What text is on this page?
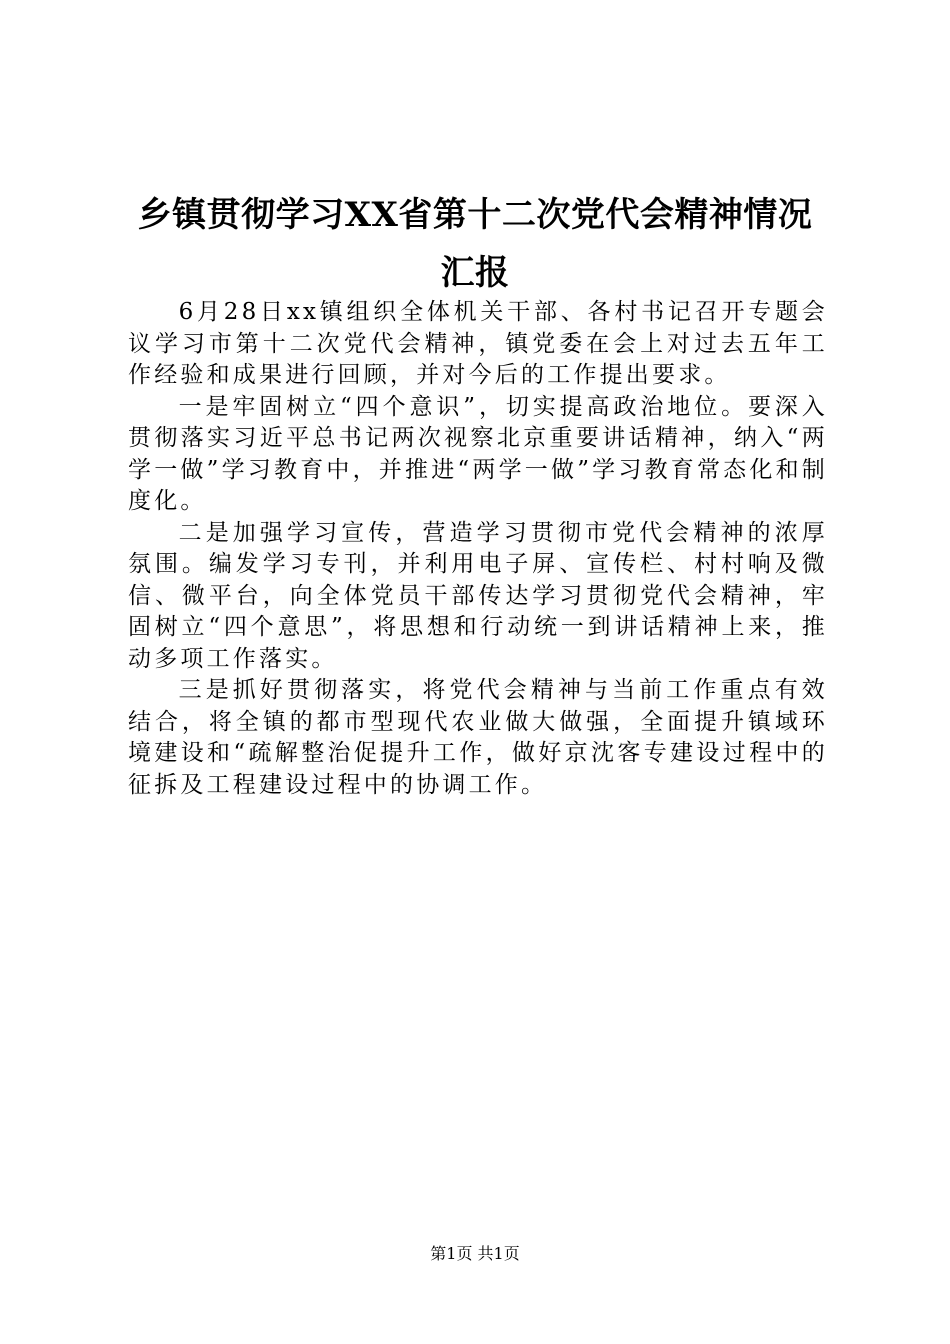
乡镇贯彻学习XX省第十二次党代会精神情况
汇报

6月28日xx镇组织全体机关干部、各村书记召开专题会议学习市第十二次党代会精神，镇党委在会上对过去五年工作经验和成果进行回顾，并对今后的工作提出要求。

一是牢固树立“四个意识”，切实提高政治地位。要深入贯彻落实习近平总书记两次视察北京重要讲话精神，纳入“两学一做”学习教育中，并推进“两学一做”学习教育常态化和制度化。

二是加强学习宣传，营造学习贯彻市党代会精神的浓厚氛围。编发学习专刊，并利用电子屏、宣传栏、村村响及微信、微平台，向全体党员干部传达学习贯彻党代会精神，牢固树立“四个意思”，将思想和行动统一到讲话精神上来，推动多项工作落实。

三是抓好贯彻落实，将党代会精神与当前工作重点有效结合，将全镇的都市型现代农业做大做强，全面提升镇域环境建设和“疏解整治促提升工作，做好京沈客专建设过程中的征拆及工程建设过程中的协调工作。

第1页 共1页
